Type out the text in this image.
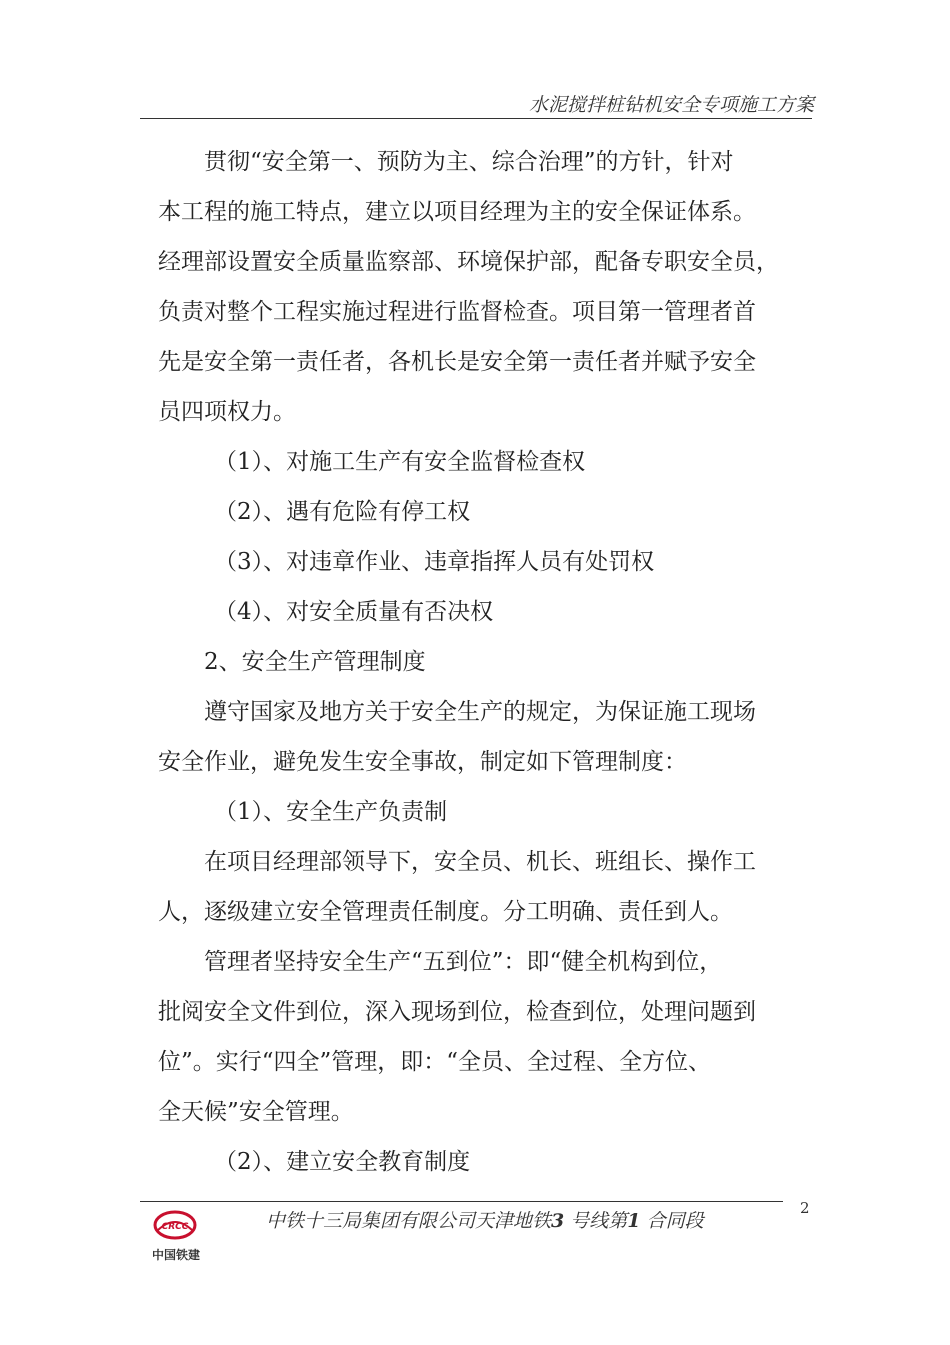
水泥搅拌桩钻机安全专项施工方案
贯彻“安全第一、预防为主、综合治理”的方针，针对
本工程的施工特点，建立以项目经理为主的安全保证体系。
经理部设置安全质量监察部、环境保护部，配备专职安全员，
负责对整个工程实施过程进行监督检查。项目第一管理者首
先是安全第一责任者，各机长是安全第一责任者并赋予安全
员四项权力。
（1）、对施工生产有安全监督检查权
（2）、遇有危险有停工权
（3）、对违章作业、违章指挥人员有处罚权
（4）、对安全质量有否决权
2、安全生产管理制度
遵守国家及地方关于安全生产的规定，为保证施工现场
安全作业，避免发生安全事故，制定如下管理制度：
（1）、安全生产负责制
在项目经理部领导下，安全员、机长、班组长、操作工
人，逐级建立安全管理责任制度。分工明确、责任到人。
管理者坚持安全生产“五到位”：即“健全机构到位，
批阅安全文件到位，深入现场到位，检查到位，处理问题到
位”。实行“四全”管理，即：“全员、全过程、全方位、
全天候”安全管理。
（2）、建立安全教育制度
中铁十三局集团有限公司天津地铁3 号线第1 合同段
2
CRCC
中国铁建
